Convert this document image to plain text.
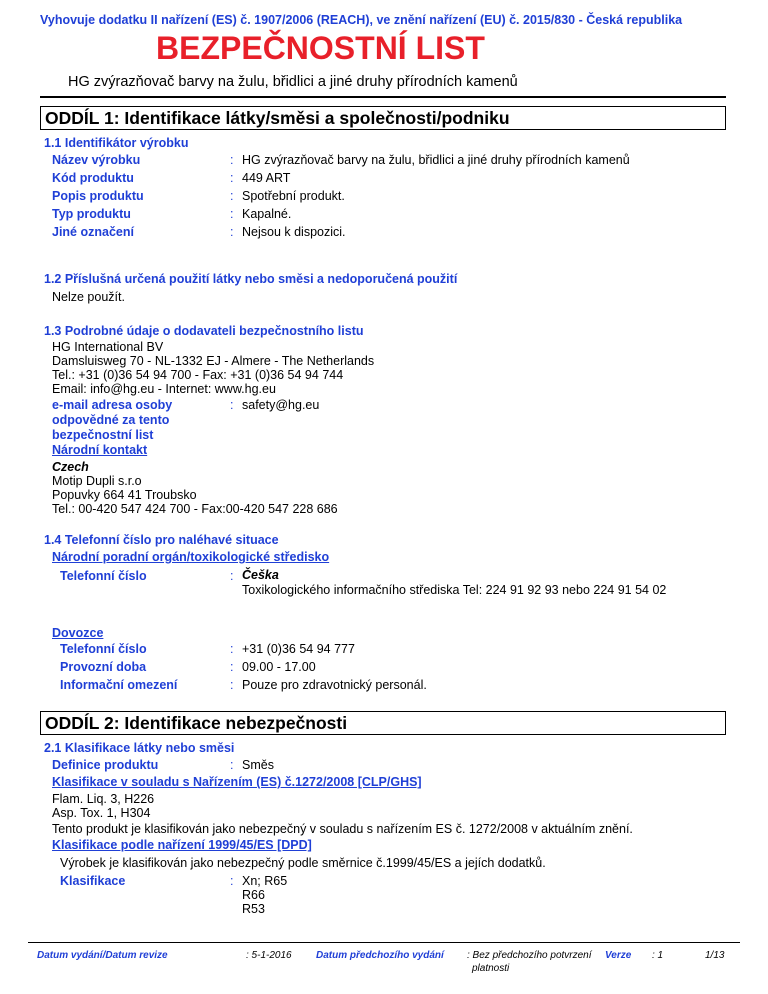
Vyhovuje dodatku II nařízení (ES) č. 1907/2006 (REACH), ve znění nařízení (EU) č. 2015/830 - Česká republika
BEZPEČNOSTNÍ LIST
HG zvýrazňovač barvy na žulu, břidlici a jiné druhy přírodních kamenů
ODDÍL 1: Identifikace látky/směsi a společnosti/podniku
1.1 Identifikátor výrobku
Název výrobku	: HG zvýrazňovač barvy na žulu, břidlici a jiné druhy přírodních kamenů
Kód produktu	: 449 ART
Popis produktu	: Spotřební produkt.
Typ produktu	: Kapalné.
Jiné označení	: Nejsou k dispozici.
1.2 Příslušná určená použití látky nebo směsi a nedoporučená použití
Nelze použít.
1.3 Podrobné údaje o dodavateli bezpečnostního listu
HG International BV
Damsluisweg 70 - NL-1332 EJ - Almere - The Netherlands
Tel.: +31 (0)36 54 94 700 - Fax: +31 (0)36 54 94 744
Email: info@hg.eu - Internet: www.hg.eu
e-mail adresa osoby
odpovědné za tento
bezpečnostní list
: safety@hg.eu
Národní kontakt
Czech
Motip Dupli s.r.o
Popuvky 664 41 Troubsko
Tel.: 00-420 547 424 700 - Fax:00-420 547 228 686
1.4 Telefonní číslo pro naléhavé situace
Národní poradní orgán/toxikologické středisko
Telefonní číslo	: Češka
Toxikologického informačního střediska Tel: 224 91 92 93 nebo 224 91 54 02
Dovozce
Telefonní číslo	: +31 (0)36 54 94 777
Provozní doba	: 09.00 - 17.00
Informační omezení	: Pouze pro zdravotnický personál.
ODDÍL 2: Identifikace nebezpečnosti
2.1 Klasifikace látky nebo směsi
Definice produktu	: Směs
Klasifikace v souladu s Nařízením (ES) č.1272/2008 [CLP/GHS]
Flam. Liq. 3, H226
Asp. Tox. 1, H304
Tento produkt je klasifikován jako nebezpečný v souladu s nařízením ES č. 1272/2008 v aktuálním znění.
Klasifikace podle nařízení 1999/45/ES [DPD]
Výrobek je klasifikován jako nebezpečný podle směrnice č.1999/45/ES a jejích dodatků.
Klasifikace	: Xn; R65
R66
R53
Datum vydání/Datum revize	: 5-1-2016 Datum předchozího vydání : Bez předchozího potvrzení
platnosti
Verze : 1	1/13
